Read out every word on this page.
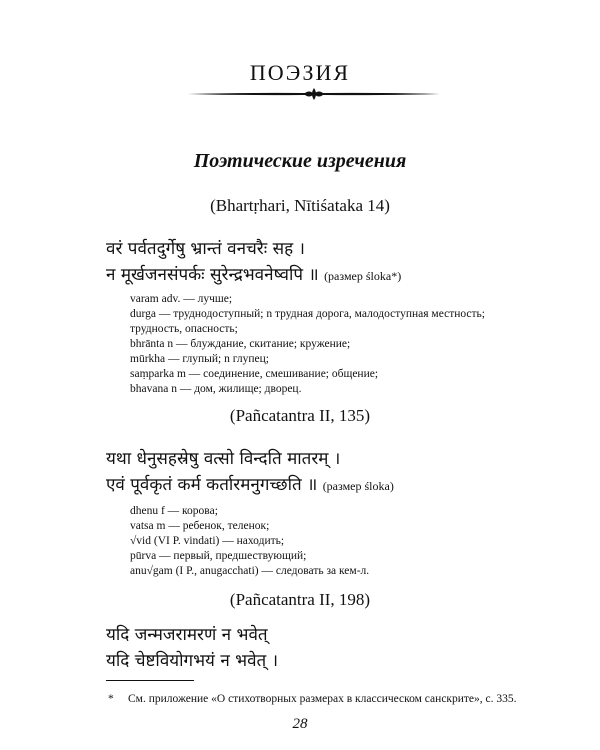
ПОЭЗИЯ
Поэтические изречения
(Bhartṛhari, Nītiśataka 14)
वरं पर्वतदुर्गेषु भ्रान्तं वनचरैः सह ।
न मूर्खजनसंपर्कः सुरेन्द्रभवनेष्वपि ॥ (размер śloka*)
varam adv. — лучше;
durga — труднодоступный; n трудная дорога, малодоступная местность;
трудность, опасность;
bhrānta n — блуждание, скитание; кружение;
mūrkha — глупый; n глупец;
saṃparka m — соединение, смешивание; общение;
bhavana n — дом, жилище; дворец.
(Pañcatantra II, 135)
यथा धेनुसहस्रेषु वत्सो विन्दति मातरम् ।
एवं पूर्वकृतं कर्म कर्तारमनुगच्छति ॥ (размер śloka)
dhenu f — корова;
vatsa m — ребенок, теленок;
√vid (VI P. vindati) — находить;
pūrva — первый, предшествующий;
anu√gam (I P., anugacchati) — следовать за кем-л.
(Pañcatantra II, 198)
यदि जन्मजरामरणं न भवेत्
यदि चेष्टवियोगभयं न भवेत् ।
* См. приложение «О стихотворных размерах в классическом санскрите», с. 335.
28
